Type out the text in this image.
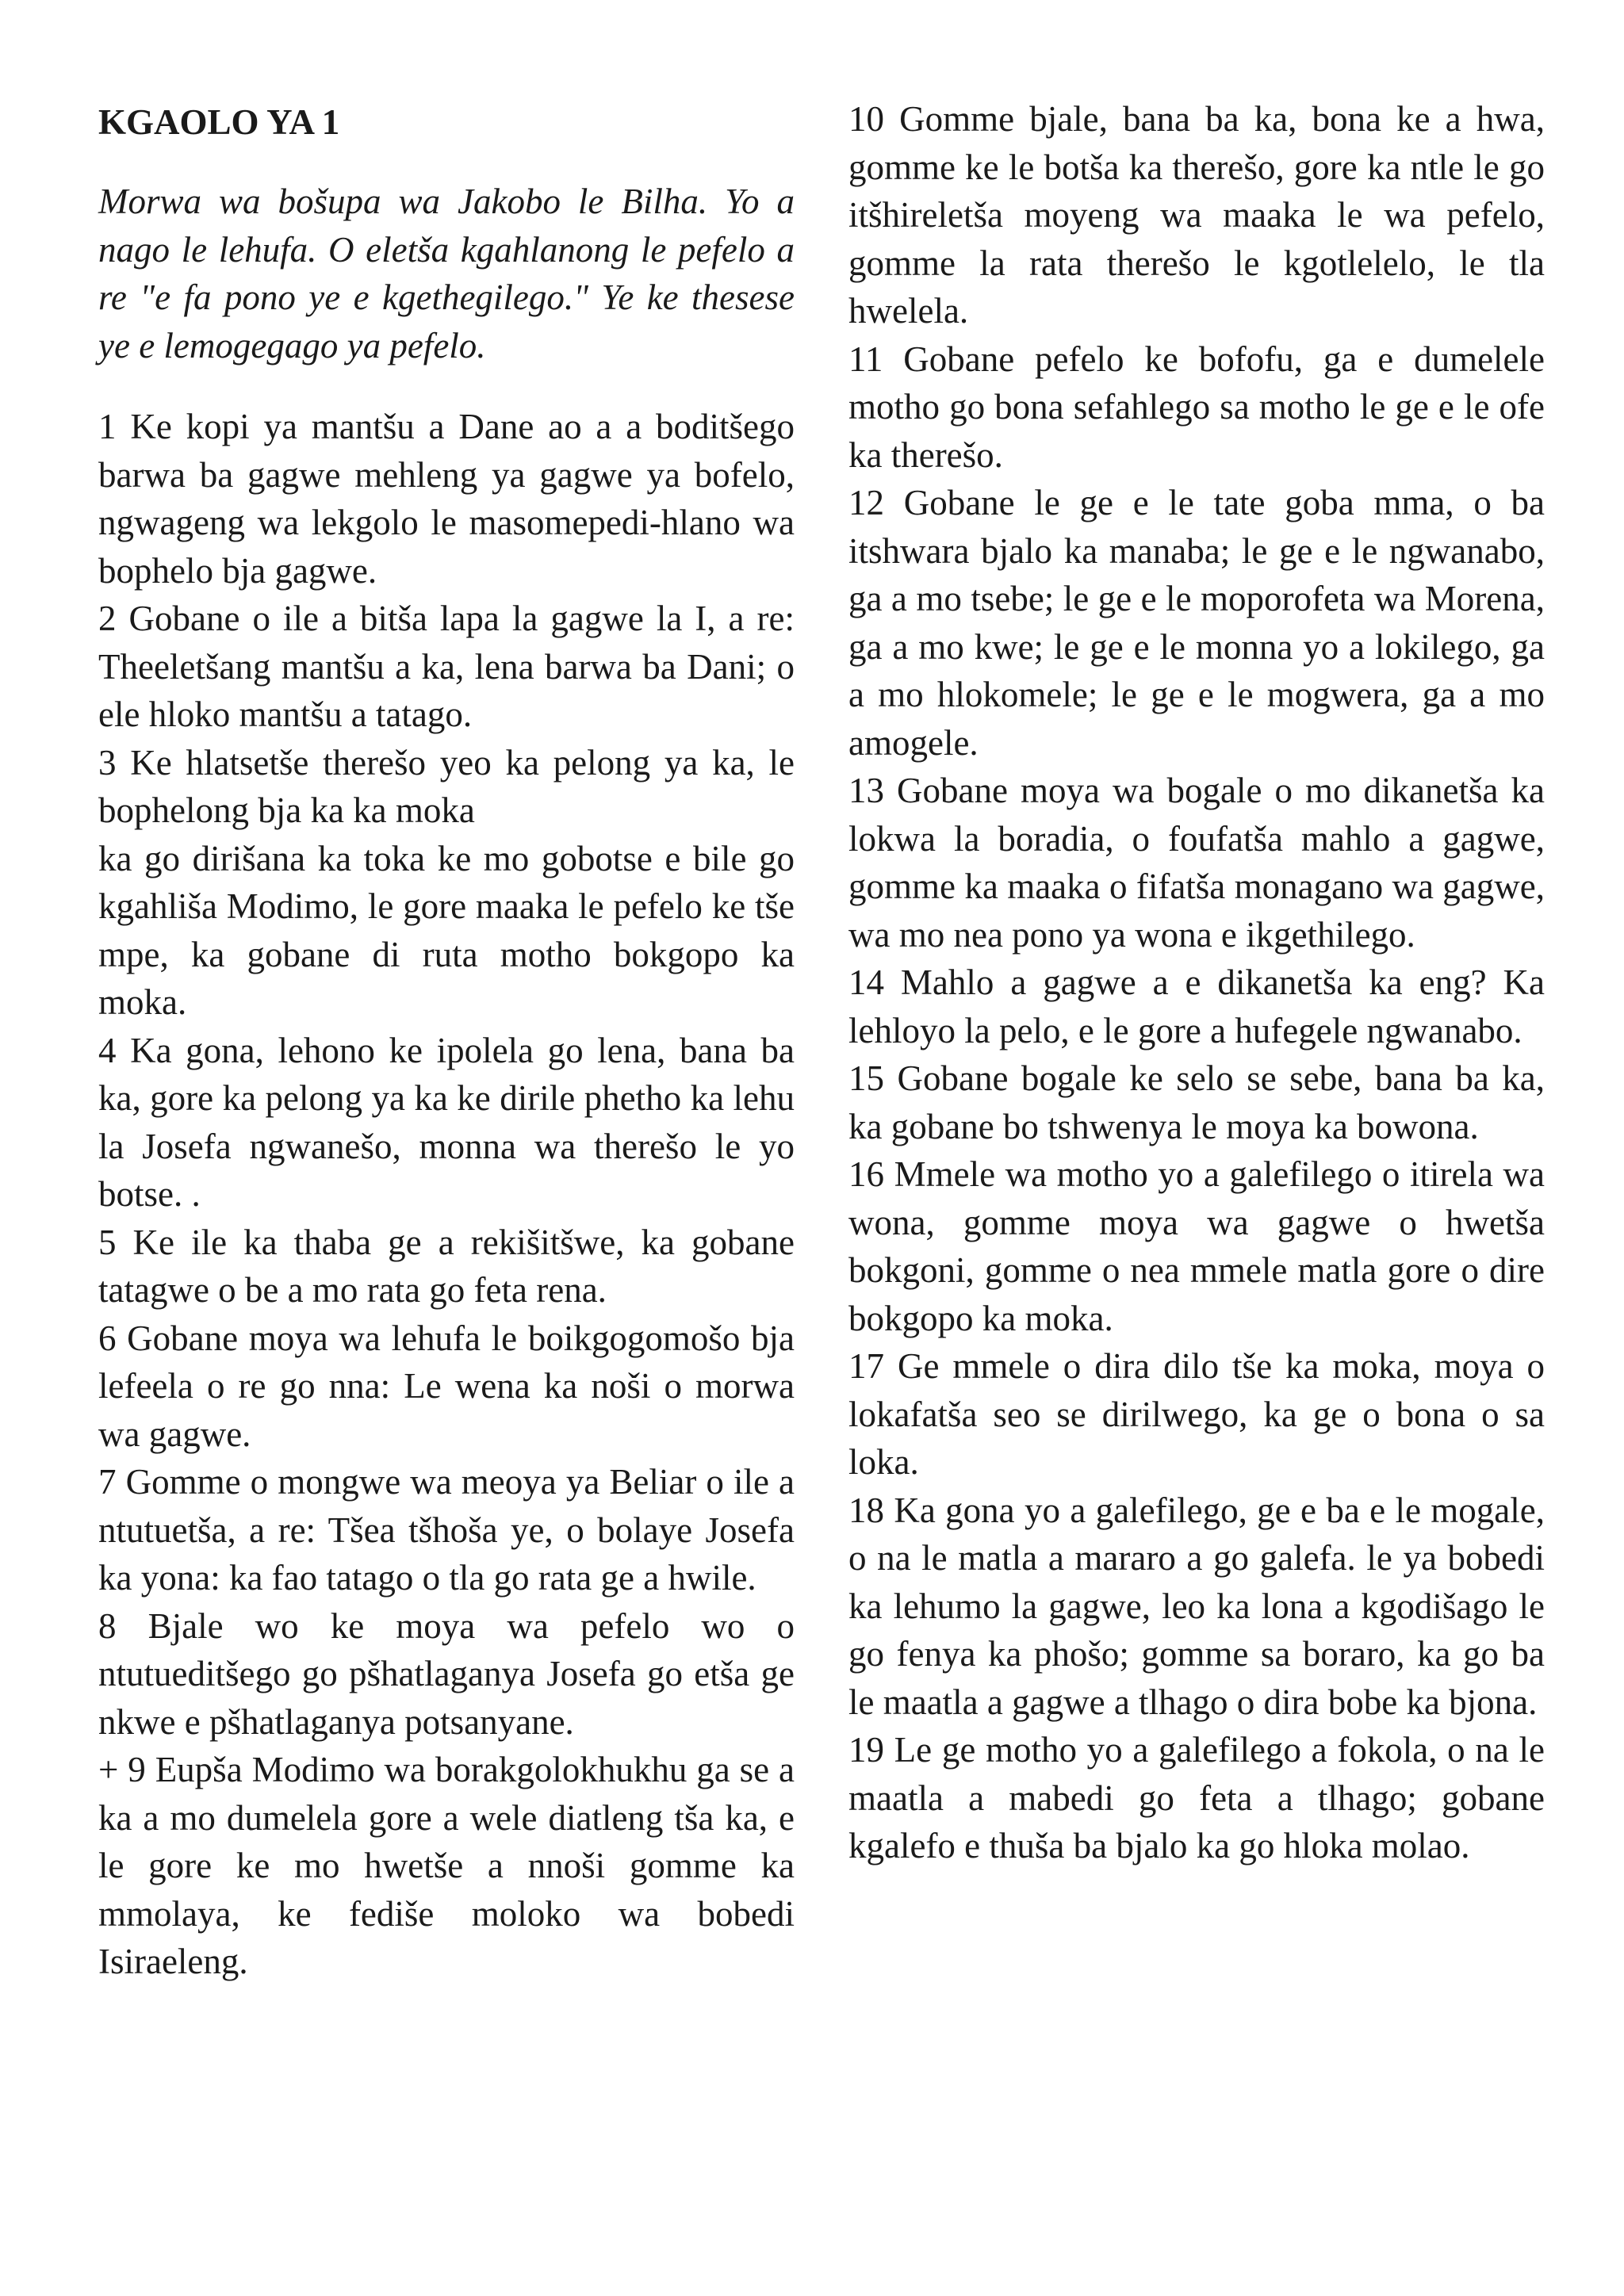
KGAOLO YA 1

Morwa wa bošupa wa Jakobo le Bilha. Yo a nago le lehufa. O eletša kgahlanong le pefelo a re "e fa pono ye e kgethegilego." Ye ke thesese ye e lemogegago ya pefelo.

1 Ke kopi ya mantšu a Dane ao a a boditšego barwa ba gagwe mehleng ya gagwe ya bofelo, ngwageng wa lekgolo le masomepedi-hlano wa bophelo bja gagwe.

2 Gobane o ile a bitša lapa la gagwe la I, a re: Theeletšang mantšu a ka, lena barwa ba Dani; o ele hloko mantšu a tatago.

3 Ke hlatsetše therešo yeo ka pelong ya ka, le bophelong bja ka ka moka

ka go dirišana ka toka ke mo gobotse e bile go kgahliša Modimo, le gore maaka le pefelo ke tše mpe, ka gobane di ruta motho bokgopo ka moka.

4 Ka gona, lehono ke ipolela go lena, bana ba ka, gore ka pelong ya ka ke dirile phetho ka lehu la Josefa ngwanešo, monna wa therešo le yo botse. .

5 Ke ile ka thaba ge a rekišitšwe, ka gobane tatagwe o be a mo rata go feta rena.

6 Gobane moya wa lehufa le boikgogomošo bja lefeela o re go nna: Le wena ka noši o morwa wa gagwe.

7 Gomme o mongwe wa meoya ya Beliar o ile a ntutuetša, a re: Tšea tšhoša ye, o bolaye Josefa ka yona: ka fao tatago o tla go rata ge a hwile.

8 Bjale wo ke moya wa pefelo wo o ntutueditšego go pšhatlaganya Josefa go etša ge nkwe e pšhatlaganya potsanyane.

+ 9 Eupša Modimo wa borakgolokhukhu ga se a ka a mo dumelela gore a wele diatleng tša ka, e le gore ke mo hwetše a nnoši gomme ka mmolaya, ke fediše moloko wa bobedi Isiraeleng.

10 Gomme bjale, bana ba ka, bona ke a hwa, gomme ke le botša ka therešo, gore ka ntle le go itšhireletša moyeng wa maaka le wa pefelo, gomme la rata therešo le kgotlelelo, le tla hwelela.

11 Gobane pefelo ke bofofu, ga e dumelele motho go bona sefahlego sa motho le ge e le ofe ka therešo.

12 Gobane le ge e le tate goba mma, o ba itshwara bjalo ka manaba; le ge e le ngwanabo, ga a mo tsebe; le ge e le moporofeta wa Morena, ga a mo kwe; le ge e le monna yo a lokilego, ga a mo hlokomele; le ge e le mogwera, ga a mo amogele.

13 Gobane moya wa bogale o mo dikanetša ka lokwa la boradia, o foufatša mahlo a gagwe, gomme ka maaka o fifatša monagano wa gagwe, wa mo nea pono ya wona e ikgethilego.

14 Mahlo a gagwe a e dikanetša ka eng? Ka lehloyo la pelo, e le gore a hufegele ngwanabo.

15 Gobane bogale ke selo se sebe, bana ba ka, ka gobane bo tshwenya le moya ka bowona.

16 Mmele wa motho yo a galefilego o itirela wa wona, gomme moya wa gagwe o hwetša bokgoni, gomme o nea mmele matla gore o dire bokgopo ka moka.

17 Ge mmele o dira dilo tše ka moka, moya o lokafatša seo se dirilwego, ka ge o bona o sa loka.

18 Ka gona yo a galefilego, ge e ba e le mogale, o na le matla a mararo a go galefa. le ya bobedi ka lehumo la gagwe, leo ka lona a kgodišago le go fenya ka phošo; gomme sa boraro, ka go ba le maatla a gagwe a tlhago o dira bobe ka bjona.

19 Le ge motho yo a galefilego a fokola, o na le maatla a mabedi go feta a tlhago; gobane kgalefo e thuša ba bjalo ka go hloka molao.
